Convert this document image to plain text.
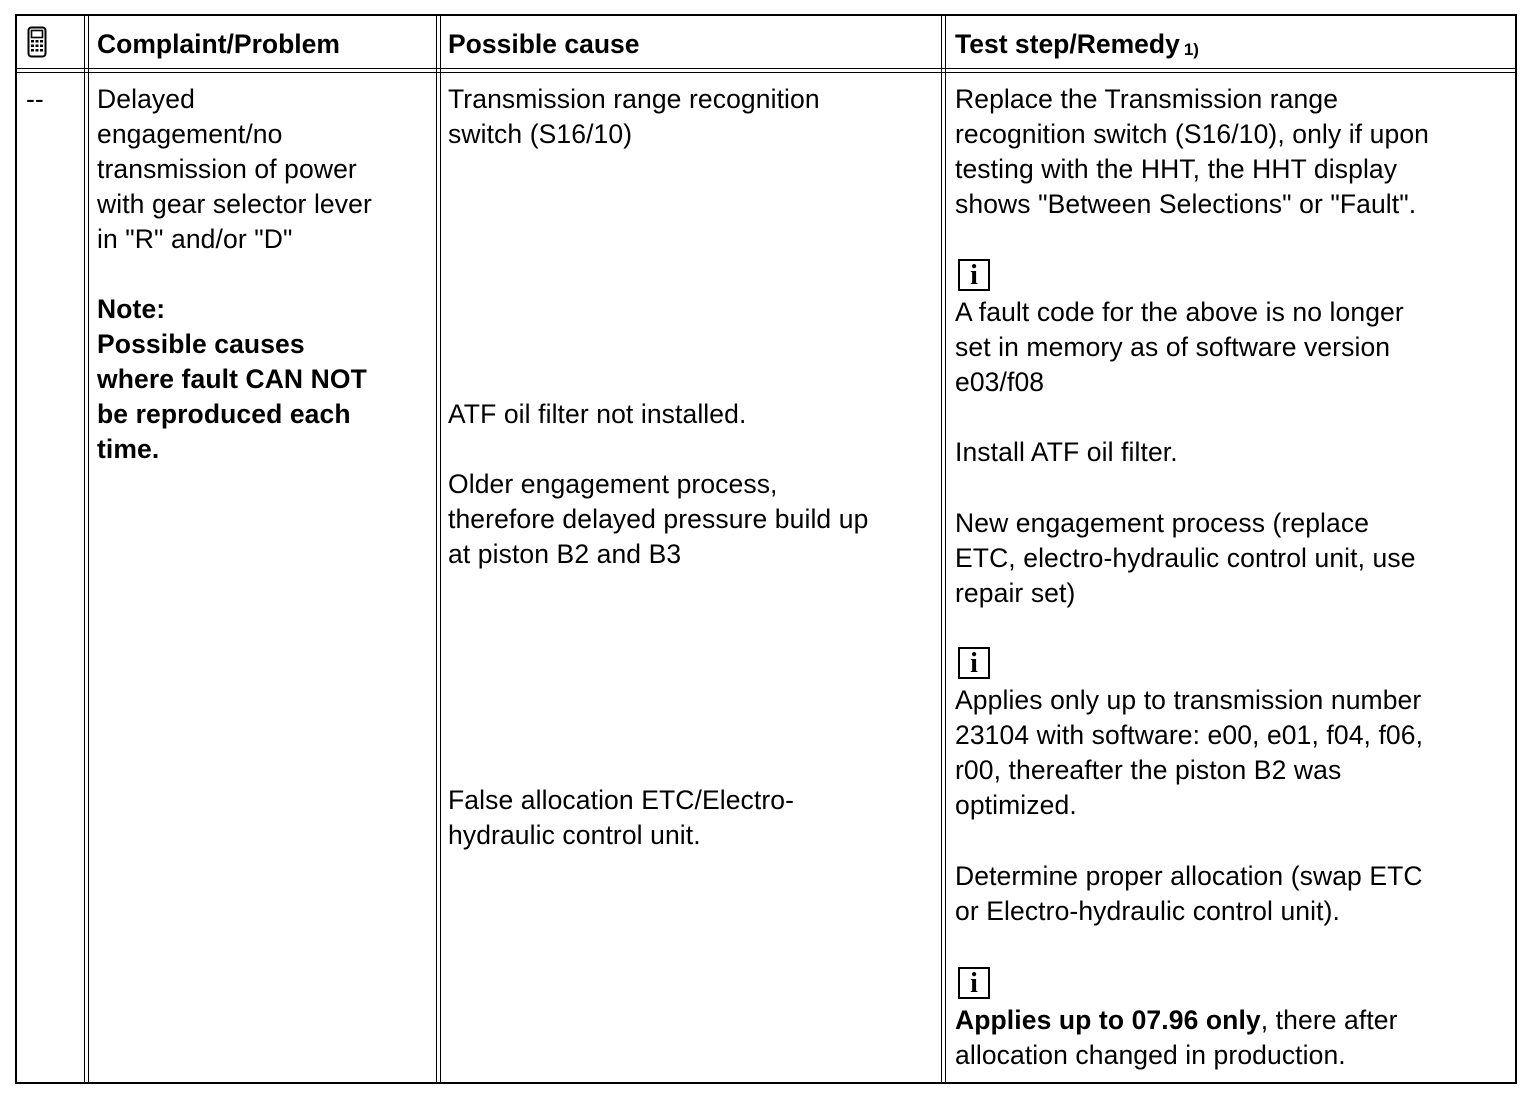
Complaint/Problem	Possible cause	Test step/Remedy $^{1)}$
-- Delayed
engagement/no
transmission of power
with gear selector lever
in "R" and/or "D"
Note:
Possible causes
where fault CAN NOT
be reproduced each
time.
Transmission range recognition
switch (S16/10)
ATF oil filter not installed.
Older engagement process,
therefore delayed pressure build up
at piston B2 and B3
False allocation ETC/Electro-
hydraulic control unit.
Replace the Transmission range
recognition switch (S16/10), only if upon
testing with the HHT, the HHT display
shows "Between Selections" or "Fault".
i
A fault code for the above is no longer
set in memory as of software version
e03/f08
Install ATF oil filter.
New engagement process (replace
ETC, electro-hydraulic control unit, use
repair set)
i
Applies only up to transmission number
23104 with software: e00, e01, f04, f06,
r00, thereafter the piston B2 was
optimized.
Determine proper allocation (swap ETC
or Electro-hydraulic control unit).
i
Applies up to 07.96 only, there after
allocation changed in production.
